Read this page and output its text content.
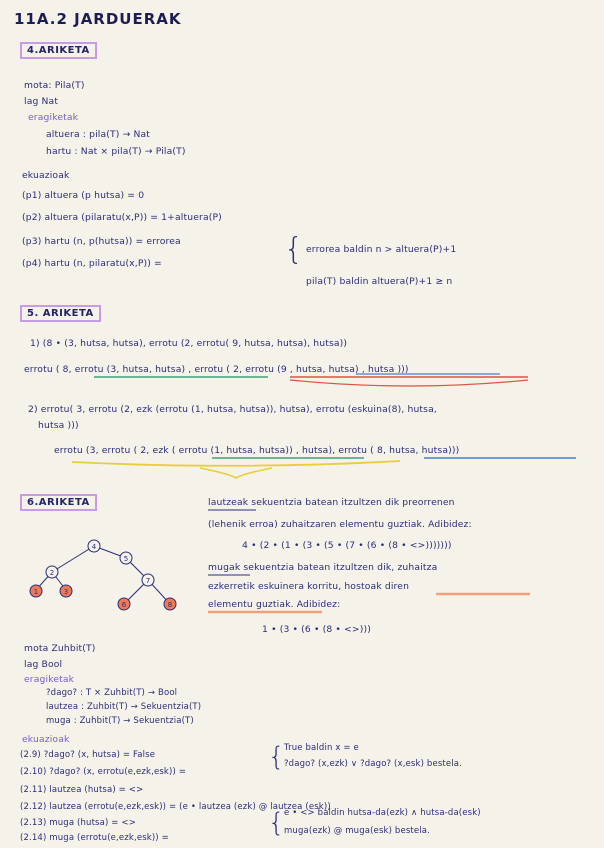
11A.2 JARDUERAK
4.ARIKETA
mota: Pila(T)
lag Nat
eragiketak
altuera : pila(T) → Nat
hartu : Nat × pila(T) → Pila(T)
ekuazioak
(p1) altuera (p hutsa) = 0
(p2) altuera (pilaratu(x,P)) = 1+altuera(P)
(p3) hartu (n, p(hutsa)) = errorea
(p4) hartu (n, pilaratu(x,P)) =	{ errorea baldin n > altuera(P)+1
pila(T) baldin altuera(P)+1 ≥ n
5. ARIKETA
1) (8 • (3, hutsa, hutsa), errotu (2, errotu( 9, hutsa, hutsa), hutsa))
errotu ( 8, errotu (3, hutsa, hutsa) , errotu ( 2, errotu (9 , hutsa, hutsa) , hutsa )))
2) errotu( 3, errotu (2, ezk (errotu (1, hutsa, hutsa)), hutsa), errotu (eskuina(8), hutsa,
hutsa )))
errotu (3, errotu ( 2, ezk ( errotu (1, hutsa, hutsa)) , hutsa), errotu ( 8, hutsa, hutsa)))
6.ARIKETA
4
2
5
7
1	3
6	8
lautzeak sekuentzia batean itzultzen dik preorrenen
(lehenik erroa) zuhaitzaren elementu guztiak. Adibidez:
4 • (2 • (1 • (3 • (5 • (7 • (6 • (8 • <>)))))))
mugak sekuentzia batean itzultzen dik, zuhaitza
ezkerretik eskuinera korritu, hostoak diren
elementu guztiak. Adibidez:
1 • (3 • (6 • (8 • <>)))
mota Zuhbit(T)
lag Bool
eragiketak
?dago? : T × Zuhbit(T) → Bool
lautzea : Zuhbit(T) → Sekuentzia(T)
muga : Zuhbit(T) → Sekuentzia(T)
ekuazioak
(2.9) ?dago? (x, hutsa) = False
(2.10) ?dago? (x, errotu(e,ezk,esk)) =
(2.11) lautzea (hutsa) = <>
(2.12) lautzea (errotu(e,ezk,esk)) = (e • lautzea (ezk) @ lautzea (esk))
(2.13) muga (hutsa) = <>
(2.14) muga (errotu(e,ezk,esk)) =
{ True baldin x = e
?dago? (x,ezk) ∨ ?dago? (x,esk) bestela.
{ e • <> baldin hutsa-da(ezk) ∧ hutsa-da(esk)
muga(ezk) @ muga(esk) bestela.
